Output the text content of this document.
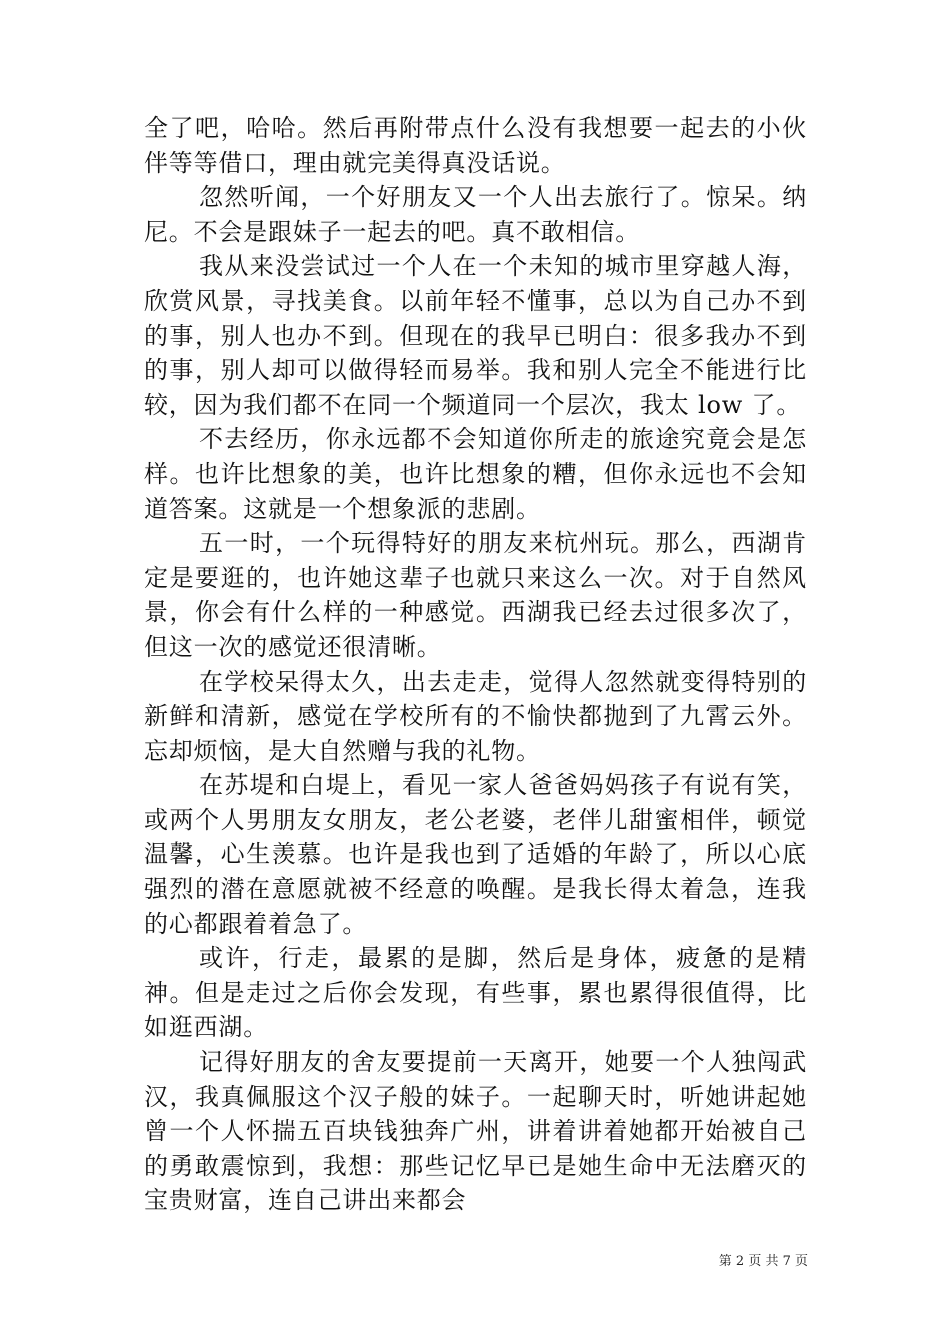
全了吧，哈哈。然后再附带点什么没有我想要一起去的小伙伴等等借口，理由就完美得真没话说。

忽然听闻，一个好朋友又一个人出去旅行了。惊呆。纳尼。不会是跟妹子一起去的吧。真不敢相信。

我从来没尝试过一个人在一个未知的城市里穿越人海，欣赏风景，寻找美食。以前年轻不懂事，总以为自己办不到的事，别人也办不到。但现在的我早已明白：很多我办不到的事，别人却可以做得轻而易举。我和别人完全不能进行比较，因为我们都不在同一个频道同一个层次，我太 low 了。

不去经历，你永远都不会知道你所走的旅途究竟会是怎样。也许比想象的美，也许比想象的糟，但你永远也不会知道答案。这就是一个想象派的悲剧。

五一时，一个玩得特好的朋友来杭州玩。那么，西湖肯定是要逛的，也许她这辈子也就只来这么一次。对于自然风景，你会有什么样的一种感觉。西湖我已经去过很多次了，但这一次的感觉还很清晰。

在学校呆得太久，出去走走，觉得人忽然就变得特别的新鲜和清新，感觉在学校所有的不愉快都抛到了九霄云外。忘却烦恼，是大自然赠与我的礼物。

在苏堤和白堤上，看见一家人爸爸妈妈孩子有说有笑，或两个人男朋友女朋友，老公老婆，老伴儿甜蜜相伴，顿觉温馨，心生羡慕。也许是我也到了适婚的年龄了，所以心底强烈的潜在意愿就被不经意的唤醒。是我长得太着急，连我的心都跟着着急了。

或许，行走，最累的是脚，然后是身体，疲惫的是精神。但是走过之后你会发现，有些事，累也累得很值得，比如逛西湖。

记得好朋友的舍友要提前一天离开，她要一个人独闯武汉，我真佩服这个汉子般的妹子。一起聊天时，听她讲起她曾一个人怀揣五百块钱独奔广州，讲着讲着她都开始被自己的勇敢震惊到，我想：那些记忆早已是她生命中无法磨灭的宝贵财富，连自己讲出来都会

第 2 页 共 7 页
